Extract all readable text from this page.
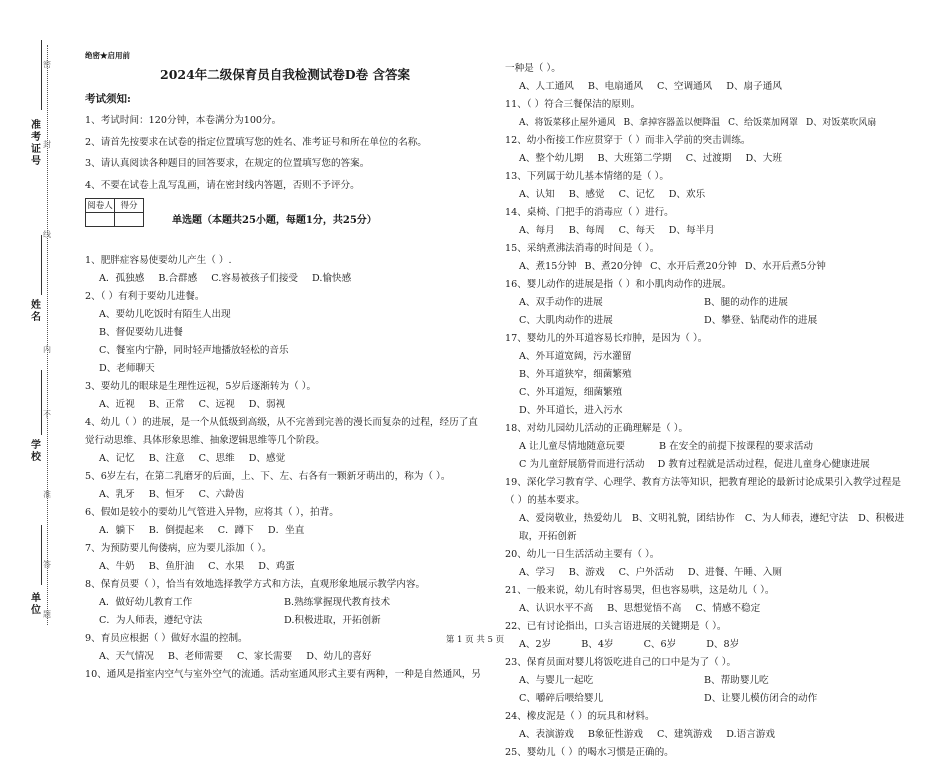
准考证号
姓名
学校
单位
密
封
线
内
不
准
答
题
绝密★启用前
2024年二级保育员自我检测试卷D卷 含答案
考试须知:

1、考试时间：120分钟，本卷满分为100分。

2、请首先按要求在试卷的指定位置填写您的姓名、准考证号和所在单位的名称。

3、请认真阅读各种题目的回答要求，在规定的位置填写您的答案。

4、不要在试卷上乱写乱画，请在密封线内答题，否则不予评分。

阅卷人	得分

单选题（本题共25小题，每题1分，共25分）
1、肥胖症容易使要幼儿产生（ ）.
A．孤独感 B.合群感 C.容易被孩子们接受 D.愉快感
2、（ ）有利于要幼儿进餐。
A、要幼儿吃饭时有陌生人出现
B、督促要幼儿进餐
C、餐室内宁静，同时轻声地播放轻松的音乐
D、老师聊天
3、要幼儿的眼球是生理性远视，5岁后逐渐转为（ ）。
A、近视 B、正常 C、远视 D、弱视
4、幼儿（ ）的进展，是一个从低级到高级，从不完善到完善的漫长而复杂的过程，经历了直觉行动思维、具体形象思维、抽象逻辑思维等几个阶段。
A、记忆 B、注意 C、思维 D、感觉
5、6岁左右，在第二乳磨牙的后面，上、下、左、右各有一颗新牙萌出的，称为（ ）。
A、乳牙 B、恒牙 C、六龄齿
6、假如是较小的要幼儿气管进入异物，应将其（ ），拍背。
A．躺下 B．倒提起来 C．蹲下 D．坐直
7、为预防要儿佝偻病，应为要儿添加（ ）。
A、牛奶 B、鱼肝油 C、水果 D、鸡蛋
8、保育员要（ ），恰当有效地选择教学方式和方法，直观形象地展示教学内容。
A．做好幼儿教育工作	B.熟练掌握现代教育技术
C．为人师表，遵纪守法	D.积极进取，开拓创新
9、育员应根据（ ）做好水温的控制。
A、天气情况 B、老师需要 C、家长需要 D、幼儿的喜好
10、通风是指室内空气与室外空气的流通。活动室通风形式主要有两种，一种是自然通风，另
一种是（ ）。
A、人工通风 B、电扇通风 C、空调通风 D、扇子通风
11、（ ）符合三餐保洁的原则。
A、将饭菜移止屋外通风 B、拿掉容器盖以便降温 C、给饭菜加网罩 D、对饭菜吹风扇
12、幼小衔接工作应贯穿于（ ）而非入学前的突击训练。
A、整个幼儿期 B、大班第二学期 C、过渡期 D、大班
13、下列属于幼儿基本情绪的是（ ）。
A、认知 B、感觉 C、记忆 D、欢乐
14、桌椅、门把手的消毒应（ ）进行。
A、每月 B、每周 C、每天 D、每半月
15、采纳煮沸法消毒的时间是（ ）。
A、煮15分钟 B、煮20分钟 C、水开后煮20分钟 D、水开后煮5分钟
16、婴儿动作的进展是指（ ）和小肌肉动作的进展。
A、双手动作的进展	B、腿的动作的进展
C、大肌肉动作的进展	D、攀登、钻爬动作的进展
17、婴幼儿的外耳道容易长疖肿，是因为（ ）。
A、外耳道宽阔，污水灌留
B、外耳道狭窄，细菌繁殖
C、外耳道短，细菌繁殖
D、外耳道长，进入污水
18、对幼儿园幼儿活动的正确理解是（ ）。
A 让儿童尽情地随意玩要	B 在安全的前提下按课程的要求活动
C 为儿童舒展筋骨而进行活动	D 教育过程就是活动过程，促进儿童身心健康进展
19、深化学习教育学、心理学、教育方法等知识，把教育理论的最新讨论成果引入教学过程是（ ）的基本要求。
A、爱岗敬业，热爱幼儿 B、文明礼貌，团结协作 C、为人师表，遵纪守法 D、积极进取，开拓创新
20、幼儿一日生活活动主要有（ ）。
A、学习 B、游戏 C、户外活动 D、进餐、午睡、入厕
21、一般来说，幼儿有时容易哭，但也容易哄，这是幼儿（ ）。
A、认识水平不高 B、思想觉悟不高 C、情感不稳定
22、已有讨论指出，口头言语进展的关键期是（ ）。
A、2岁	B、4岁	C、6岁	D、8岁
23、保育员面对婴儿将饭吃进自己的口中是为了（ ）。
A、与婴儿一起吃	B、帮助婴儿吃
C、嚼碎后喂给婴儿	D、让婴儿模仿闭合的动作
24、橡皮泥是（ ）的玩具和材料。
A、表演游戏 B象征性游戏 C、建筑游戏 D.语言游戏
25、婴幼儿（ ）的喝水习惯是正确的。
第 1 页 共 5 页
